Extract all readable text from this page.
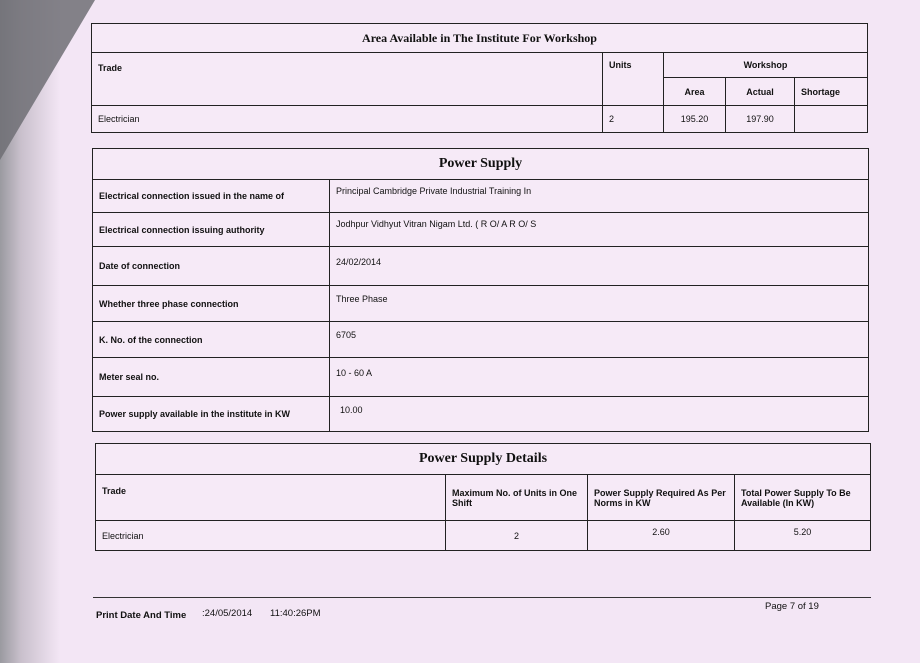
Area Available in The Institute For Workshop				
Trade	Units	Workshop		
		Area	Actual	Shortage
Electrician	2	195.20	197.90	
Power Supply	
Electrical connection issued in the name of	Principal Cambridge Private Industrial Training In
Electrical connection issuing authority	Jodhpur Vidhyut Vitran Nigam Ltd. ( R O/ A R O/ S
Date of connection	24/02/2014
Whether three phase connection	Three Phase
K. No. of the connection	6705
Meter seal no.	10 - 60 A
Power supply available in the institute in KW	10.00
Power Supply Details			
Trade	Maximum No. of Units in One Shift	Power Supply Required As Per Norms in KW	Total Power Supply To Be Available (In KW)
Electrician	2	2.60	5.20
Print Date And Time :24/05/2014 11:40:26PM
Page 7 of 19
